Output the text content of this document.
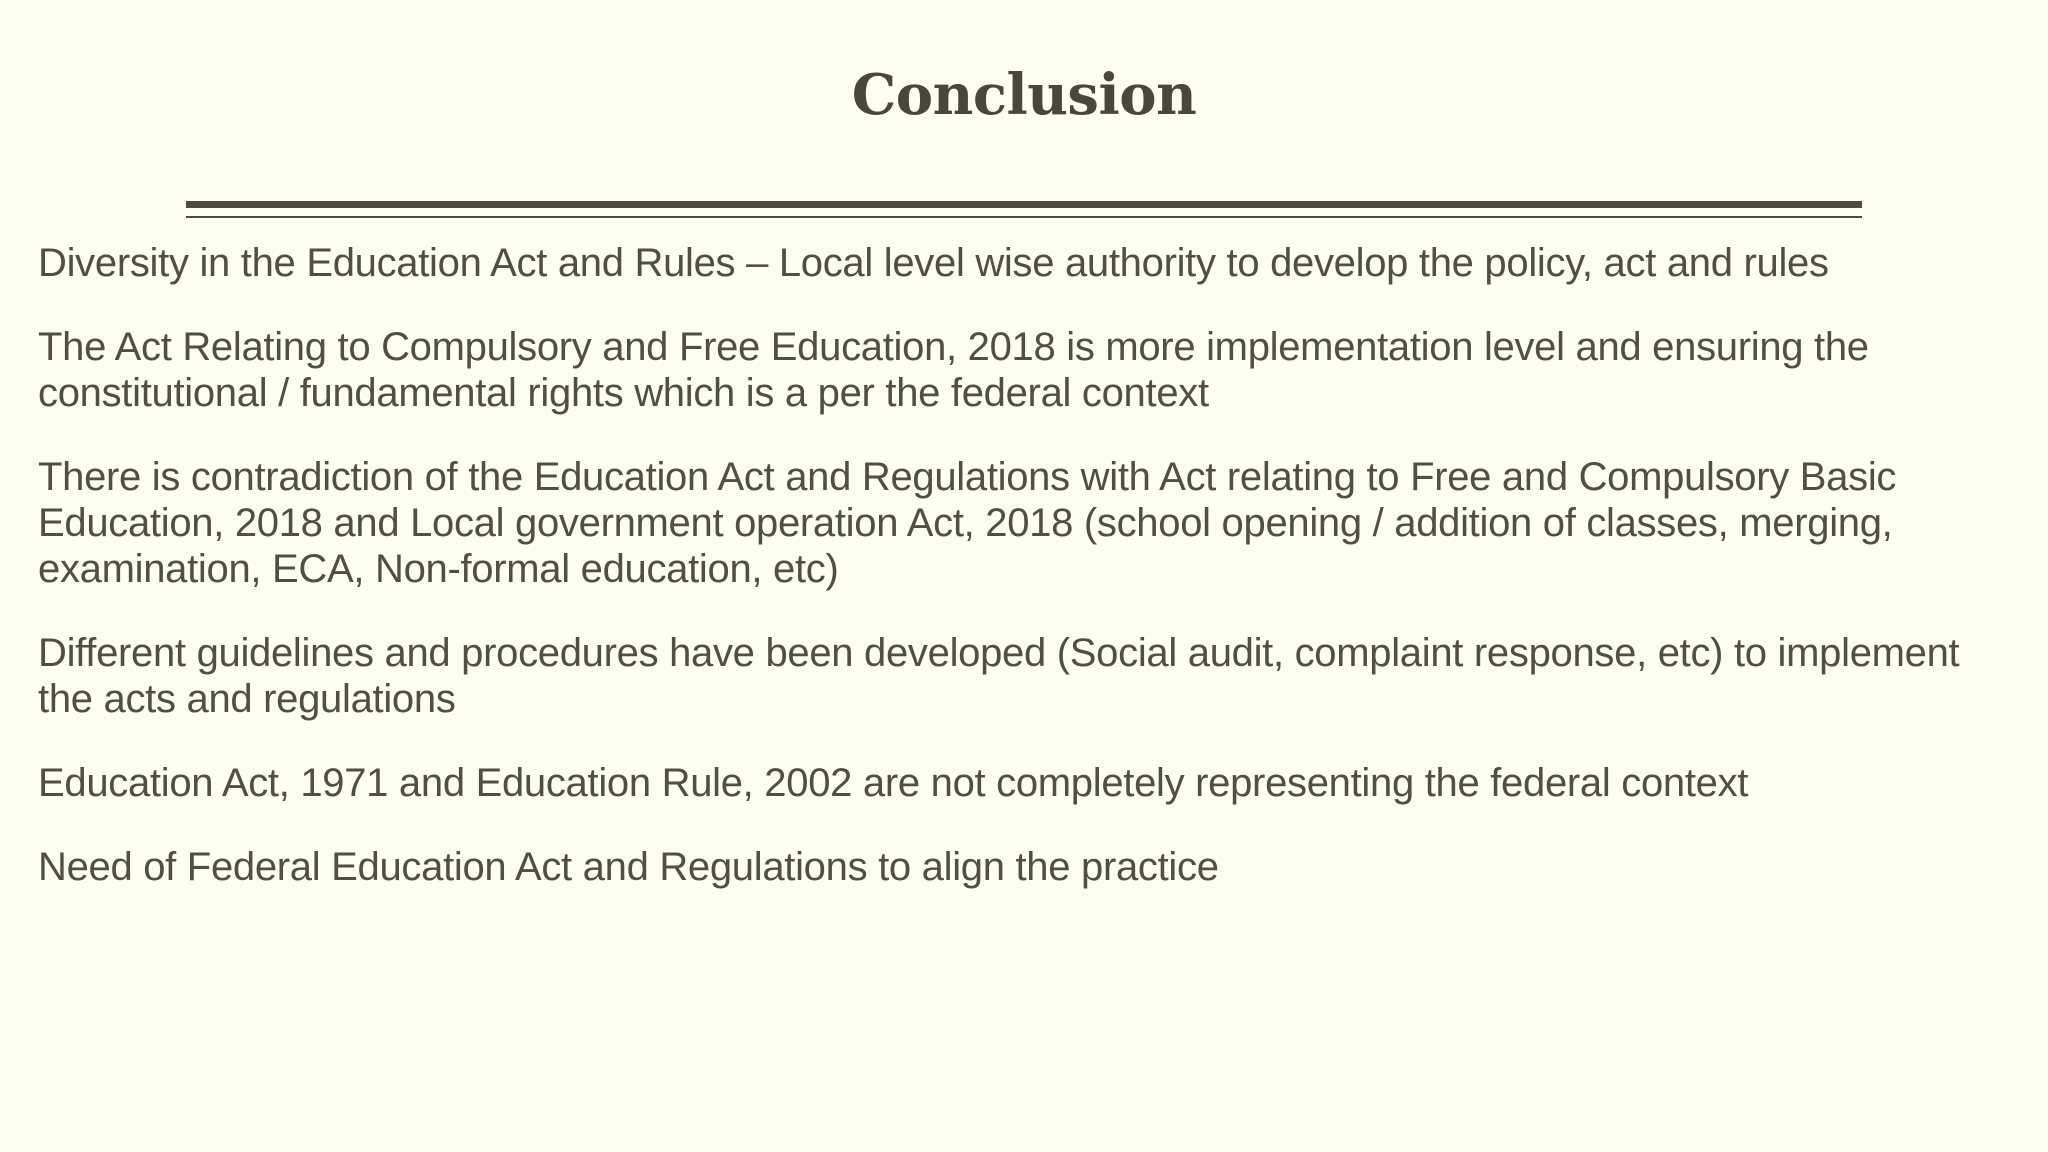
Conclusion
Diversity in the Education Act and Rules – Local level wise authority to develop the policy, act and rules
The Act Relating to Compulsory and Free Education, 2018 is more implementation level and ensuring the constitutional / fundamental rights which is a per the federal context
There is contradiction of the Education Act and Regulations with Act relating to Free and Compulsory Basic Education, 2018 and Local government operation Act, 2018 (school opening / addition of classes, merging, examination, ECA, Non-formal education, etc)
Different guidelines and procedures have been developed (Social audit, complaint response, etc) to implement the acts and regulations
Education Act, 1971 and Education Rule, 2002 are not completely representing the federal context
Need of Federal Education Act and Regulations to align the practice
